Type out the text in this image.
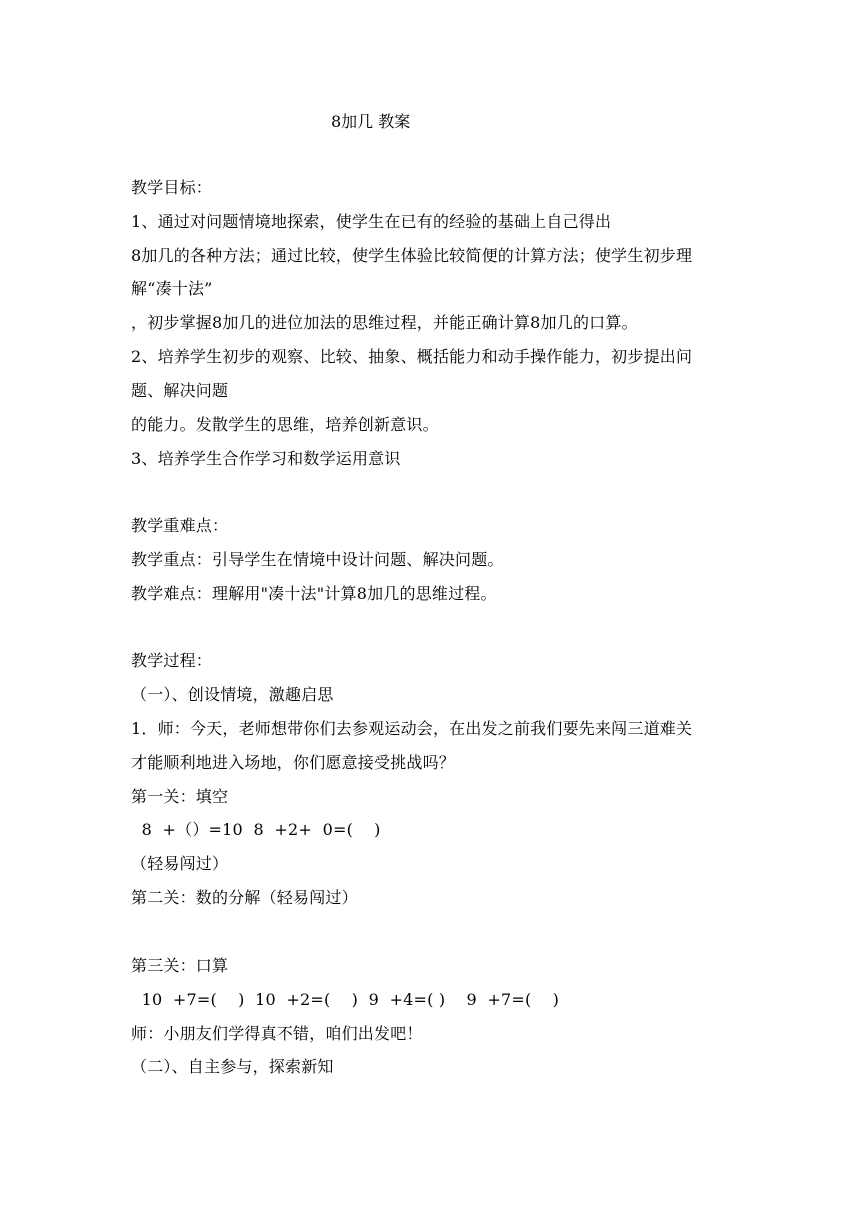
8加几 教案
教学目标：
1、通过对问题情境地探索，使学生在已有的经验的基础上自己得出
8加几的各种方法；通过比较，使学生体验比较简便的计算方法；使学生初步理
解“凑十法”
，初步掌握8加几的进位加法的思维过程，并能正确计算8加几的口算。
2、培养学生初步的观察、比较、抽象、概括能力和动手操作能力，初步提出问
题、解决问题
的能力。发散学生的思维，培养创新意识。
3、培养学生合作学习和数学运用意识
教学重难点：
教学重点：引导学生在情境中设计问题、解决问题。
教学难点：理解用"凑十法"计算8加几的思维过程。
教学过程：
（一）、创设情境，激趣启思
1．师：今天，老师想带你们去参观运动会，在出发之前我们要先来闯三道难关
才能顺利地进入场地，你们愿意接受挑战吗？
第一关：填空
8  +（）=10  8  +2+  0=(    )
（轻易闯过）
第二关：数的分解（轻易闯过）
第三关：口算
10  +7=(    )  10  +2=(    )  9  +4=( )    9  +7=(    )
师：小朋友们学得真不错，咱们出发吧！
（二）、自主参与，探索新知
